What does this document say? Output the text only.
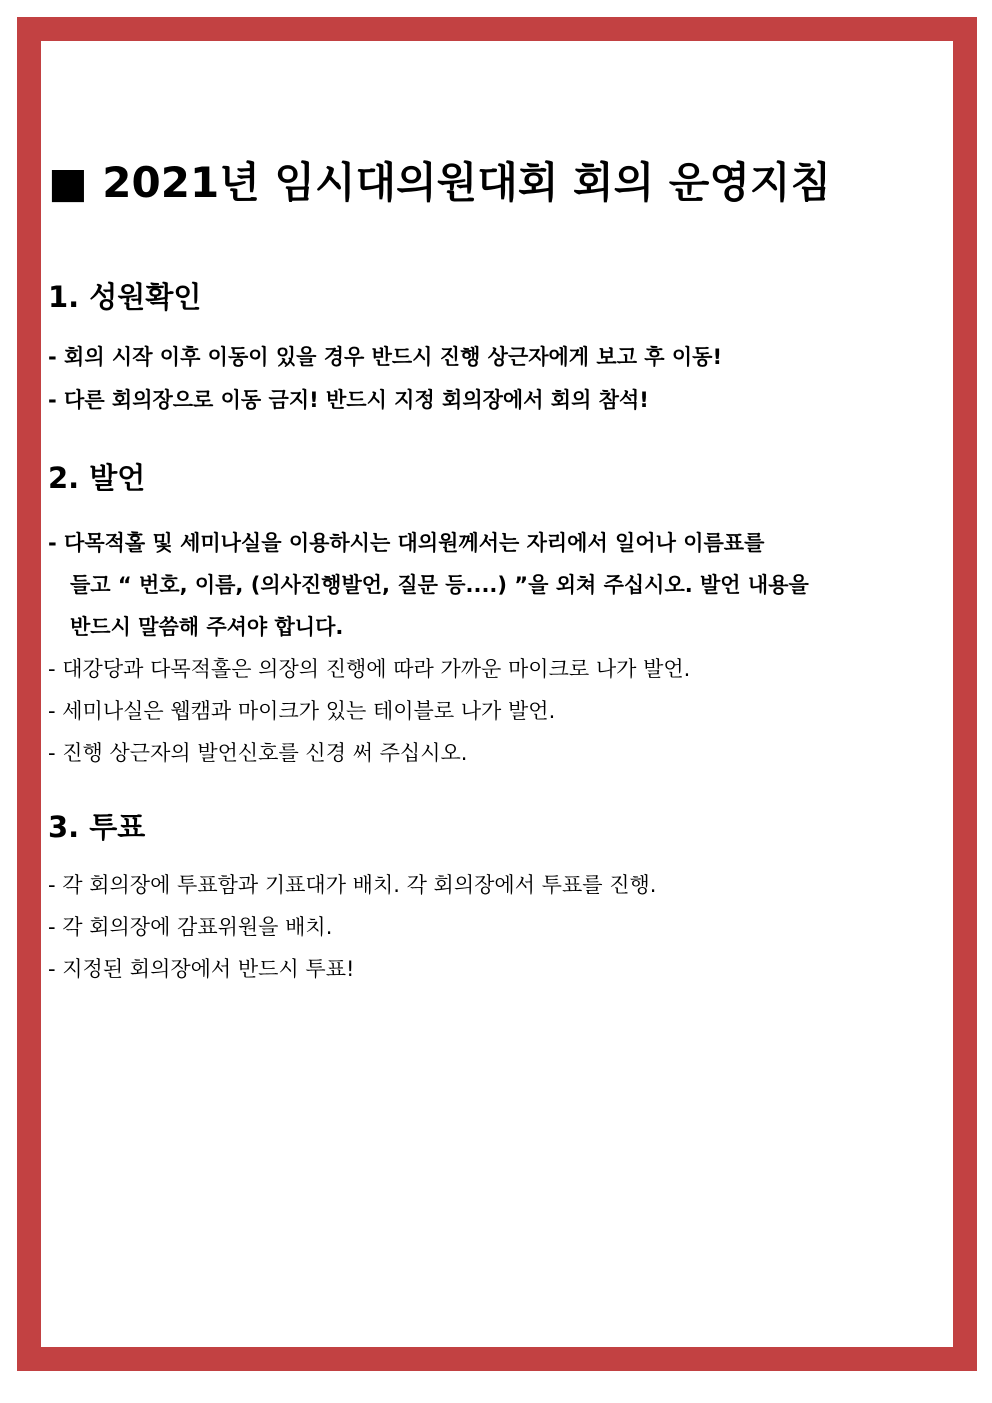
■ 2021년 임시대의원대회 회의 운영지침
1. 성원확인

- 회의 시작 이후 이동이 있을 경우 반드시 진행 상근자에게 보고 후 이동!

- 다른 회의장으로 이동 금지! 반드시 지정 회의장에서 회의 참석!

2. 발언

- 다목적홀 및 세미나실을 이용하시는 대의원께서는 자리에서 일어나 이름표를

들고 “ 번호, 이름, (의사진행발언, 질문 등....) ”을 외쳐 주십시오. 발언 내용을

반드시 말씀해 주셔야 합니다.

- 대강당과 다목적홀은 의장의 진행에 따라 가까운 마이크로 나가 발언.

- 세미나실은 웹캠과 마이크가 있는 테이블로 나가 발언.

- 진행 상근자의 발언신호를 신경 써 주십시오.

3. 투표

- 각 회의장에 투표함과 기표대가 배치. 각 회의장에서 투표를 진행.

- 각 회의장에 감표위원을 배치.

- 지정된 회의장에서 반드시 투표!
